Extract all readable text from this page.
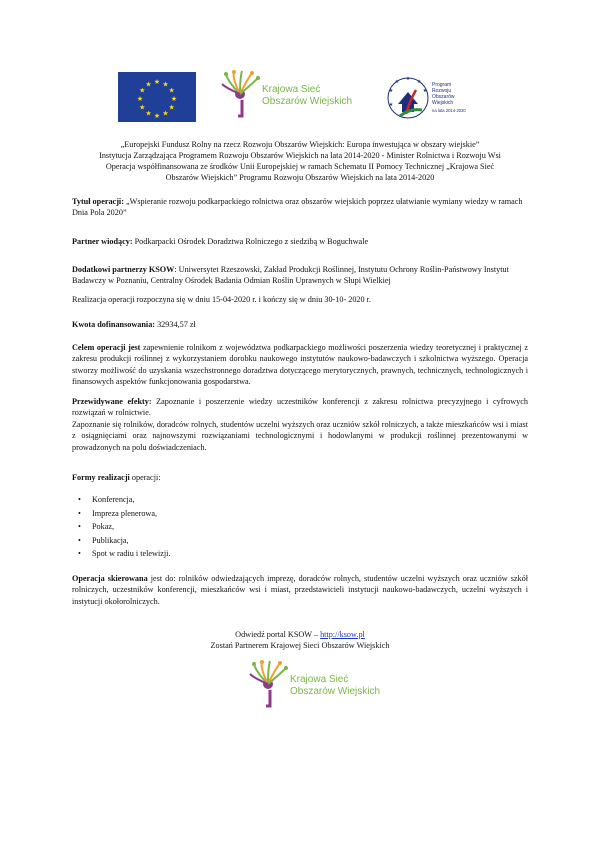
★ ★
★
★
★
★
★
★
★
★
★
★	Krajowa Sieć
Obszarów Wiejskich
★ ★
★
★
★
★
Program
Rozwoju
Obszarów
Wiejskich
na lata 2014-2020
„Europejski Fundusz Rolny na rzecz Rozwoju Obszarów Wiejskich: Europa inwestująca w obszary wiejskie”
Instytucja Zarządzająca Programem Rozwoju Obszarów Wiejskich na lata 2014-2020 - Minister Rolnictwa i Rozwoju Wsi
Operacja współfinansowana ze środków Unii Europejskiej w ramach Schematu II Pomocy Technicznej „Krajowa Sieć
Obszarów Wiejskich” Programu Rozwoju Obszarów Wiejskich na lata 2014-2020
Tytuł operacji: „Wspieranie rozwoju podkarpackiego rolnictwa oraz obszarów wiejskich poprzez ułatwianie wymiany wiedzy w ramach Dnia Pola 2020”
Partner wiodący: Podkarpacki Ośrodek Doradztwa Rolniczego z siedzibą w Boguchwale
Dodatkowi partnerzy KSOW: Uniwersytet Rzeszowski, Zakład Produkcji Roślinnej, Instytutu Ochrony Roślin-Państwowy Instytut Badawczy w Poznaniu, Centralny Ośrodek Badania Odmian Roślin Uprawnych w Słupi Wielkiej
Realizacja operacji rozpoczyna się w dniu 15-04-2020 r. i kończy się w dniu 30-10- 2020 r.
Kwota dofinansowania: 32934,57 zł
Celem operacji jest zapewnienie rolnikom z województwa podkarpackiego możliwości poszerzenia wiedzy teoretycznej i praktycznej z zakresu produkcji roślinnej z wykorzystaniem dorobku naukowego instytutów naukowo-badawczych i szkolnictwa wyższego. Operacja stworzy możliwość do uzyskania wszechstronnego doradztwa dotyczącego merytorycznych, prawnych, technicznych, technologicznych i finansowych aspektów funkcjonowania gospodarstwa.
Przewidywane efekty: Zapoznanie i poszerzenie wiedzy uczestników konferencji z zakresu rolnictwa precyzyjnego i cyfrowych rozwiązań w rolnictwie.
Zapoznanie się rolników, doradców rolnych, studentów uczelni wyższych oraz uczniów szkół rolniczych, a także mieszkańców wsi i miast z osiągnięciami oraz najnowszymi rozwiązaniami technologicznymi i hodowlanymi w produkcji roślinnej prezentowanymi w prowadzonych na polu doświadczeniach.
Formy realizacji operacji:
• Konferencja,
• Impreza plenerowa,
• Pokaz,
• Publikacja,
• Spot w radiu i telewizji.
Operacja skierowana jest do: rolników odwiedzających imprezę, doradców rolnych, studentów uczelni wyższych oraz uczniów szkół rolniczych, uczestników konferencji, mieszkańców wsi i miast, przedstawicieli instytucji naukowo-badawczych, uczelni wyższych i instytucji okołorolniczych.
Odwiedź portal KSOW – http://ksow.pl
Zostań Partnerem Krajowej Sieci Obszarów Wiejskich
Krajowa Sieć
Obszarów Wiejskich
